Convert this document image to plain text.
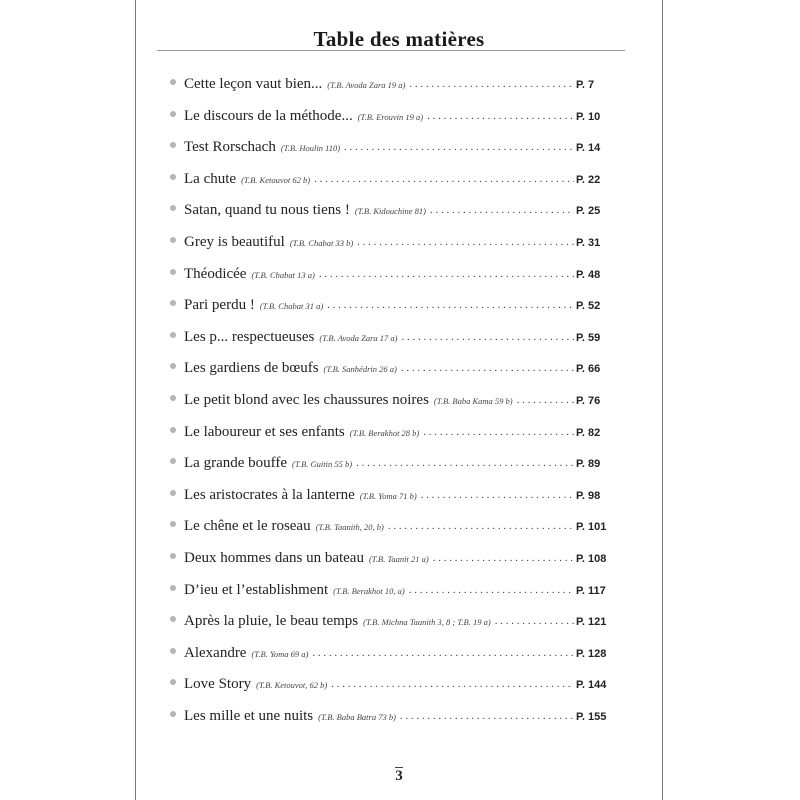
Table des matières
Cette leçon vaut bien... (T.B. Avoda Zara 19 a) . . .	P. 7
Le discours de la méthode... (T.B. Erouvin 19 a) . . .	P. 10
Test Rorschach (T.B. Houlin 110) . . .	P. 14
La chute (T.B. Ketouvot 62 b) . . .	P. 22
Satan, quand tu nous tiens ! (T.B. Kidouchine 81) . . .	P. 25
Grey is beautiful (T.B. Chabat 33 b) . . .	P. 31
Théodicée (T.B. Chabat 13 a) . . .	P. 48
Pari perdu ! (T.B. Chabat 31 a) . . .	P. 52
Les p... respectueuses (T.B. Avoda Zara 17 a) . . .	P. 59
Les gardiens de bœufs (T.B. Sanhédrin 26 a) . . .	P. 66
Le petit blond avec les chaussures noires (T.B. Baba Kama 59 b) . . .	P. 76
Le laboureur et ses enfants (T.B. Berakhot 28 b) . . .	P. 82
La grande bouffe (T.B. Guitin 55 b) . . .	P. 89
Les aristocrates à la lanterne (T.B. Yoma 71 b) . . .	P. 98
Le chêne et le roseau (T.B. Taanith, 20, b) . . .	P. 101
Deux hommes dans un bateau (T.B. Taanit 21 a) . . .	P. 108
D’ieu et l’establishment (T.B. Berakhot 10, a) . . .	P. 117
Après la pluie, le beau temps (T.B. Michna Taanith 3, 8 ; T.B. 19 a) . . .	P. 121
Alexandre (T.B. Yoma 69 a) . . .	P. 128
Love Story (T.B. Ketouvot, 62 b) . . .	P. 144
Les mille et une nuits (T.B. Baba Batra 73 b) . . .	P. 155
3
